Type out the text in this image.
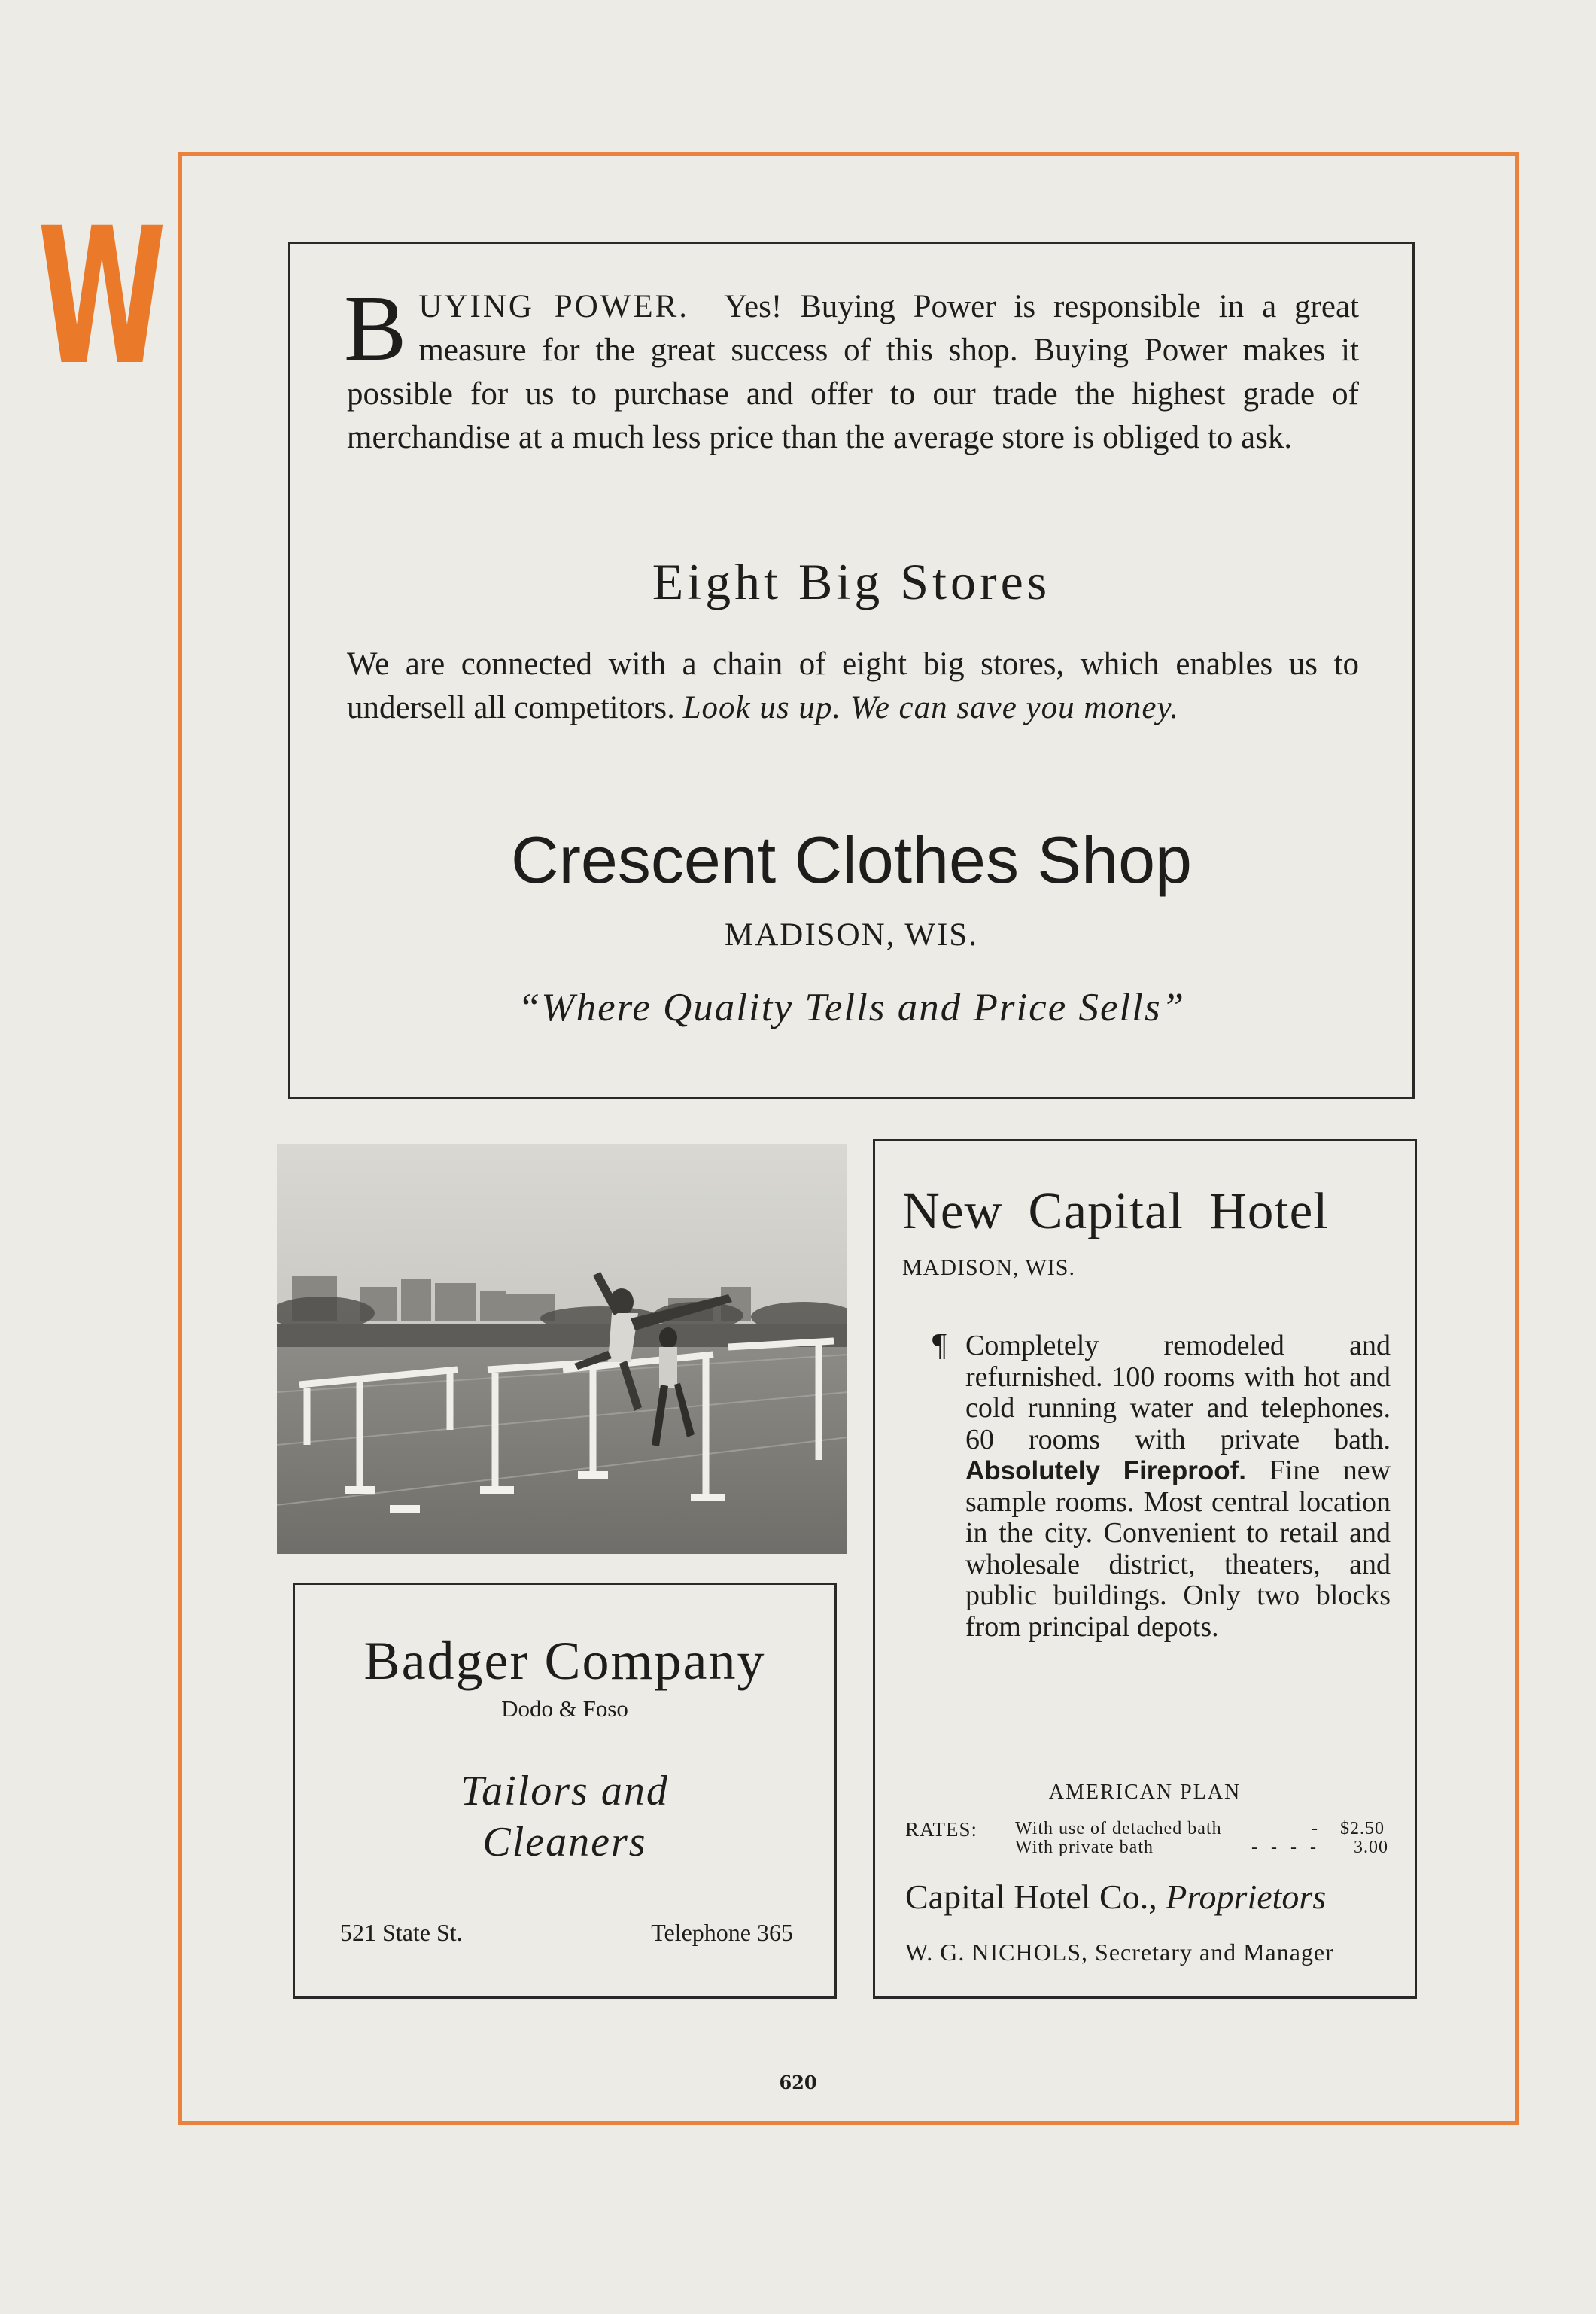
W BUYING POWER. Yes! Buying Power is responsible in a great measure for the great success of this shop. Buying Power makes it possible for us to purchase and offer to our trade the highest grade of merchandise at a much less price than the average store is obliged to ask.
Eight Big Stores
We are connected with a chain of eight big stores, which enables us to undersell all competitors. Look us up. We can save you money.
Crescent Clothes Shop
MADISON, WIS.
“Where Quality Tells and Price Sells”
Badger Company
Dodo & Foso
Tailors and
Cleaners
521 State St.	Telephone 365
New Capital Hotel
MADISON, WIS.
¶ Completely remodeled and refurnished. 100 rooms with hot and cold running water and telephones. 60 rooms with private bath. Absolutely Fireproof. Fine new sample rooms. Most central location in the city. Convenient to retail and wholesale district, theaters, and public buildings. Only two blocks from principal depots.
AMERICAN PLAN
RATES: With use of detached bath	- $2.50
With private bath	- - - - 3.00
Capital Hotel Co., Proprietors
W. G. NICHOLS, Secretary and Manager
620
